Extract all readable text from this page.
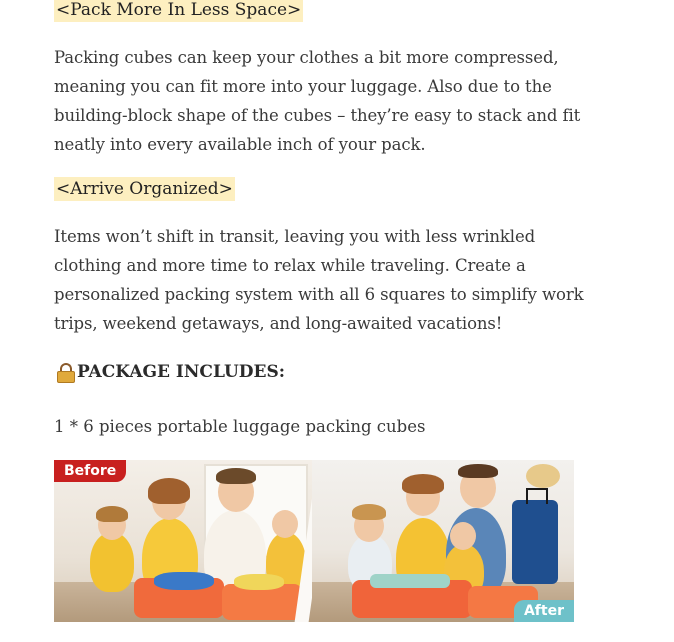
<Pack More In Less Space>

Packing cubes can keep your clothes a bit more compressed, meaning you can fit more into your luggage. Also due to the building-block shape of the cubes – they’re easy to stack and fit neatly into every available inch of your pack.

<Arrive Organized>

Items won’t shift in transit, leaving you with less wrinkled clothing and more time to relax while traveling. Create a personalized packing system with all 6 squares to simplify work trips, weekend getaways, and long-awaited vacations!

PACKAGE INCLUDES:
1 * 6 pieces portable luggage packing cubes
Before
After
